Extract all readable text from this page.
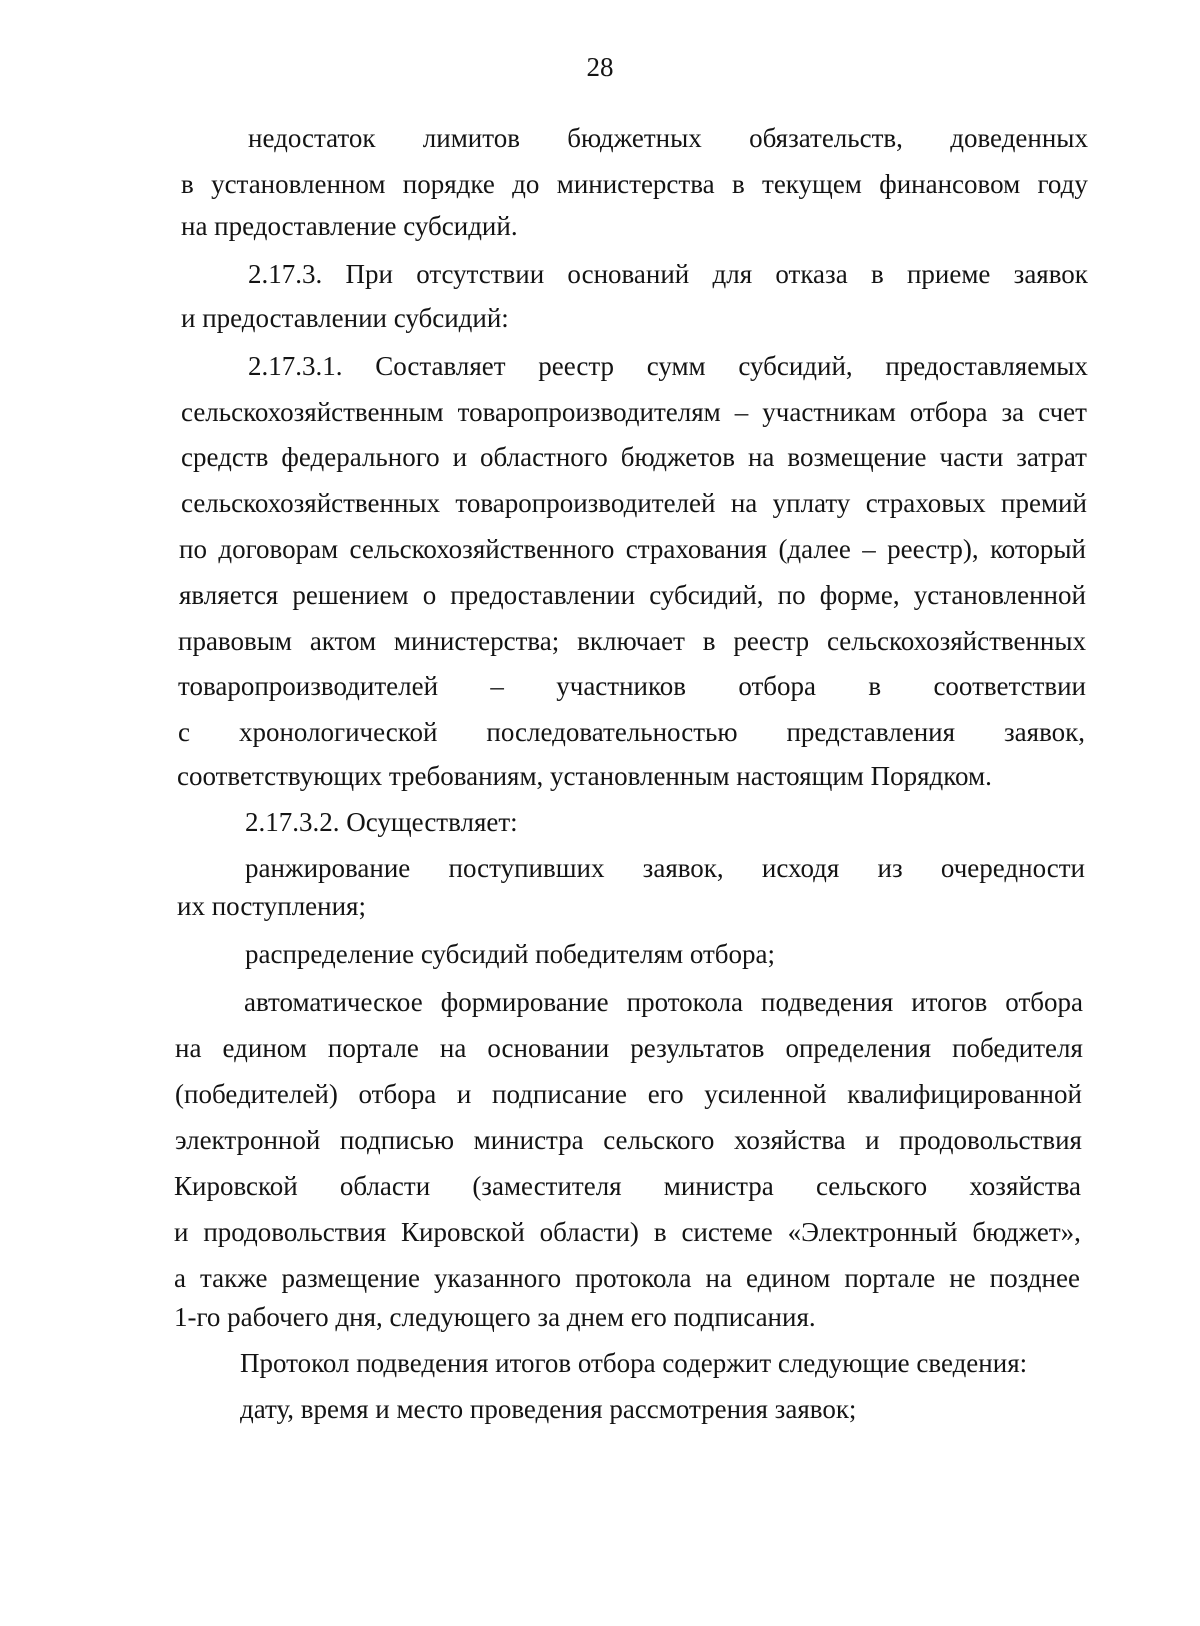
28
недостаток лимитов бюджетных обязательств, доведенных
в установленном порядке до министерства в текущем финансовом году
на предоставление субсидий.
2.17.3. При отсутствии оснований для отказа в приеме заявок
и предоставлении субсидий:
2.17.3.1. Составляет реестр сумм субсидий, предоставляемых
сельскохозяйственным товаропроизводителям – участникам отбора за счет
средств федерального и областного бюджетов на возмещение части затрат
сельскохозяйственных товаропроизводителей на уплату страховых премий
по договорам сельскохозяйственного страхования (далее – реестр), который
является решением о предоставлении субсидий, по форме, установленной
правовым актом министерства; включает в реестр сельскохозяйственных
товаропроизводителей – участников отбора в соответствии
с хронологической последовательностью представления заявок,
соответствующих требованиям, установленным настоящим Порядком.
2.17.3.2. Осуществляет:
ранжирование поступивших заявок, исходя из очередности
их поступления;
распределение субсидий победителям отбора;
автоматическое формирование протокола подведения итогов отбора
на едином портале на основании результатов определения победителя
(победителей) отбора и подписание его усиленной квалифицированной
электронной подписью министра сельского хозяйства и продовольствия
Кировской области (заместителя министра сельского хозяйства
и продовольствия Кировской области) в системе «Электронный бюджет»,
а также размещение указанного протокола на едином портале не позднее
1-го рабочего дня, следующего за днем его подписания.
Протокол подведения итогов отбора содержит следующие сведения:
дату, время и место проведения рассмотрения заявок;
